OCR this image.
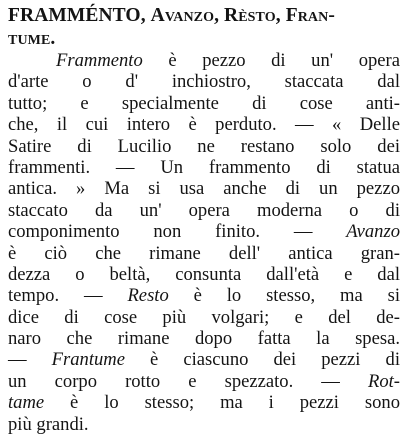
FRAMMÉNTO, Avanzo, Rèsto, Fran-
tume.
Frammento è pezzo di un' opera
d'arte o d' inchiostro, staccata dal
tutto; e specialmente di cose anti-
che, il cui intero è perduto. — « Delle
Satire di Lucilio ne restano solo dei
frammenti. — Un frammento di statua
antica. » Ma si usa anche di un pezzo
staccato da un' opera moderna o di
componimento non finito. — Avanzo
è ciò che rimane dell' antica gran-
dezza o beltà, consunta dall'età e dal
tempo. — Resto è lo stesso, ma si
dice di cose più volgari; e del de-
naro che rimane dopo fatta la spesa.
— Frantume è ciascuno dei pezzi di
un corpo rotto e spezzato. — Rot-
tame è lo stesso; ma i pezzi sono
più grandi.
